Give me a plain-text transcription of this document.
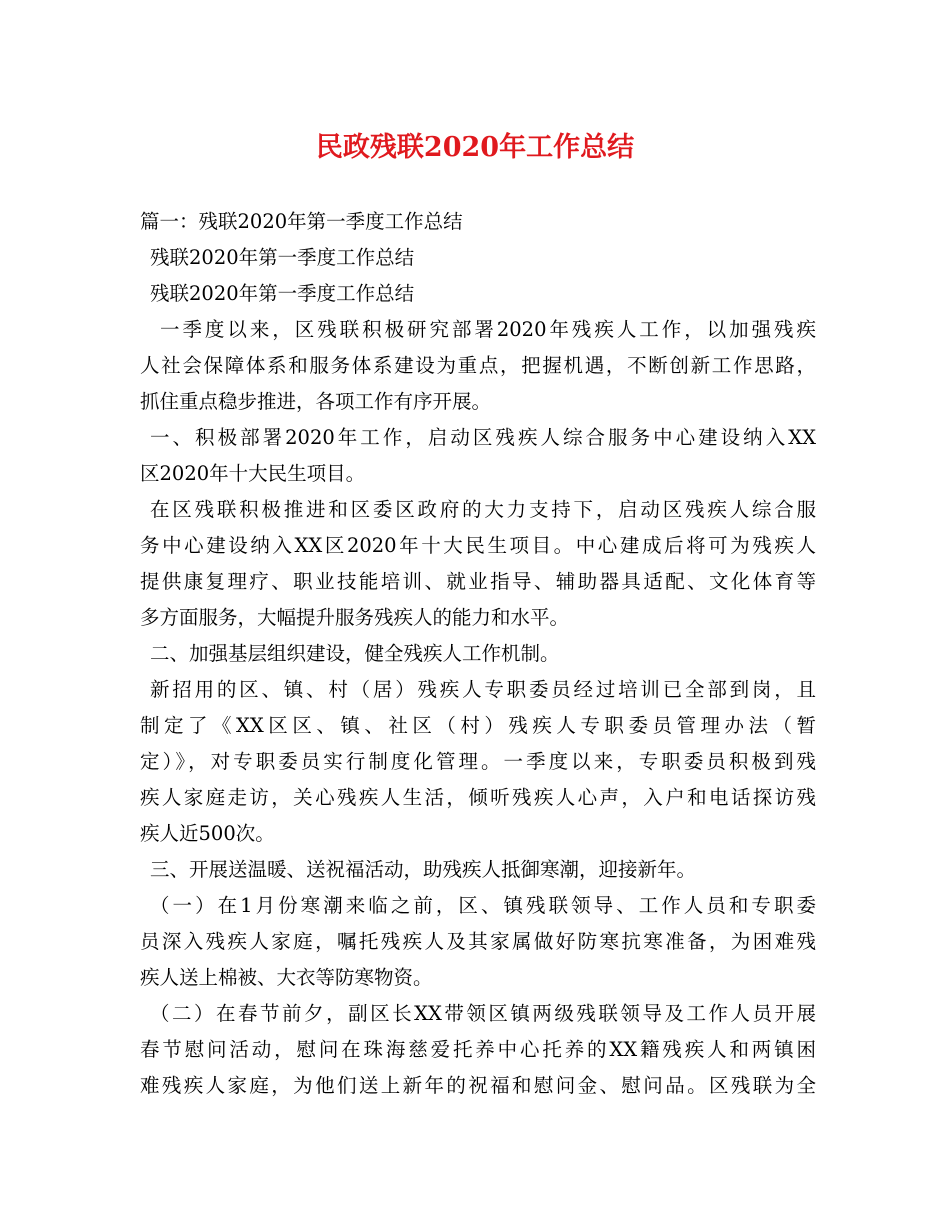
民政残联2020年工作总结
篇一：残联2020年第一季度工作总结
残联2020年第一季度工作总结
残联2020年第一季度工作总结
一季度以来，区残联积极研究部署2020年残疾人工作，以加强残疾
人社会保障体系和服务体系建设为重点，把握机遇，不断创新工作思路，
抓住重点稳步推进，各项工作有序开展。
一、积极部署2020年工作，启动区残疾人综合服务中心建设纳入XX
区2020年十大民生项目。
在区残联积极推进和区委区政府的大力支持下，启动区残疾人综合服
务中心建设纳入XX区2020年十大民生项目。中心建成后将可为残疾人
提供康复理疗、职业技能培训、就业指导、辅助器具适配、文化体育等
多方面服务，大幅提升服务残疾人的能力和水平。
二、加强基层组织建设，健全残疾人工作机制。
新招用的区、镇、村（居）残疾人专职委员经过培训已全部到岗，且
制定了《XX区区、镇、社区（村）残疾人专职委员管理办法（暂
定）》，对专职委员实行制度化管理。一季度以来，专职委员积极到残
疾人家庭走访，关心残疾人生活，倾听残疾人心声，入户和电话探访残
疾人近500次。
三、开展送温暖、送祝福活动，助残疾人抵御寒潮，迎接新年。
（一）在1月份寒潮来临之前，区、镇残联领导、工作人员和专职委
员深入残疾人家庭，嘱托残疾人及其家属做好防寒抗寒准备，为困难残
疾人送上棉被、大衣等防寒物资。
（二）在春节前夕，副区长XX带领区镇两级残联领导及工作人员开展
春节慰问活动，慰问在珠海慈爱托养中心托养的XX籍残疾人和两镇困
难残疾人家庭，为他们送上新年的祝福和慰问金、慰问品。区残联为全
